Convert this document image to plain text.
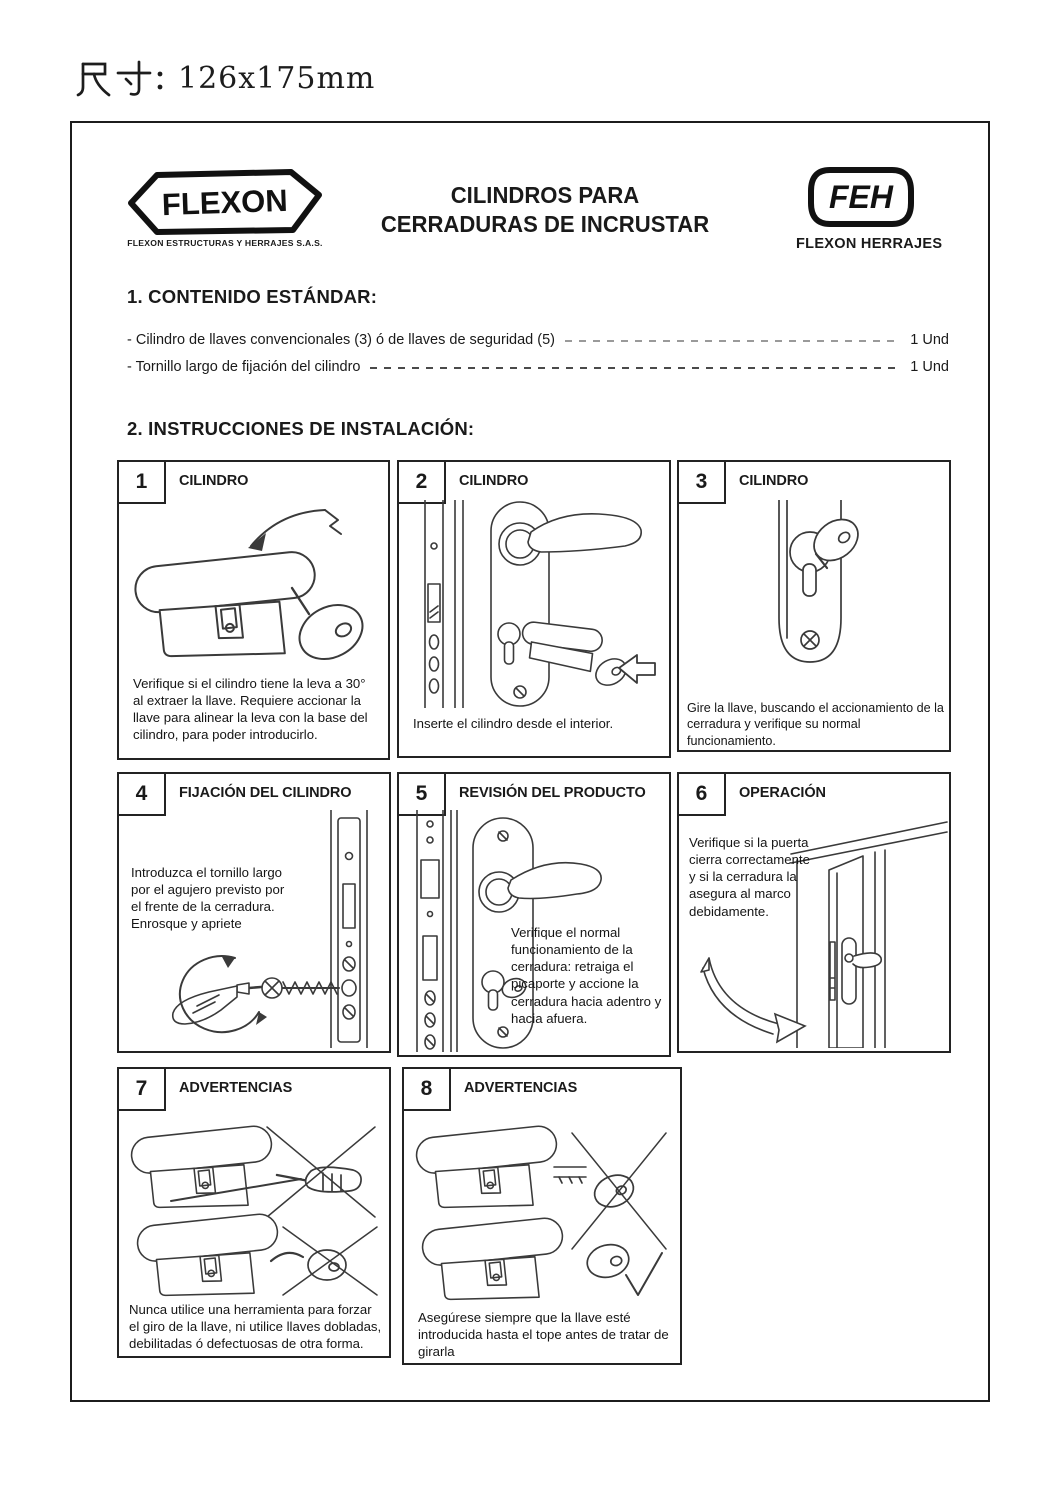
126x175mm
FLEXON
FLEXON ESTRUCTURAS Y HERRAJES S.A.S.
CILINDROS PARA
CERRADURAS DE INCRUSTAR
FEH
FLEXON HERRAJES
1. CONTENIDO ESTÁNDAR:
- Cilindro de llaves convencionales (3) ó de llaves de seguridad (5)	1 Und
- Tornillo largo de fijación del cilindro	1 Und
2. INSTRUCCIONES DE INSTALACIÓN:
1	CILINDRO
Verifique si el cilindro tiene la leva a 30° al extraer la llave. Requiere accionar la llave para alinear la leva con la base del cilindro, para poder introducirlo.
2	CILINDRO
Inserte el cilindro desde el interior.
3	CILINDRO
Gire la llave, buscando el accionamiento de la cerradura y verifique su normal funcionamiento.
4	FIJACIÓN DEL CILINDRO
Introduzca el tornillo largo por el agujero previsto por el frente de la cerradura. Enrosque y apriete
5	REVISIÓN DEL PRODUCTO
Verifique el normal funcionamiento de la cerradura: retraiga el picaporte y accione la cerradura hacia adentro y hacia afuera.
6	OPERACIÓN
Verifique si la puerta cierra correctamente y si la cerradura la asegura al marco debidamente.
7	ADVERTENCIAS
Nunca utilice una herramienta para forzar el giro de la llave, ni utilice llaves dobladas, debilitadas ó defectuosas de otra forma.
8	ADVERTENCIAS
Asegúrese siempre que la llave esté introducida hasta el tope antes de tratar de girarla
